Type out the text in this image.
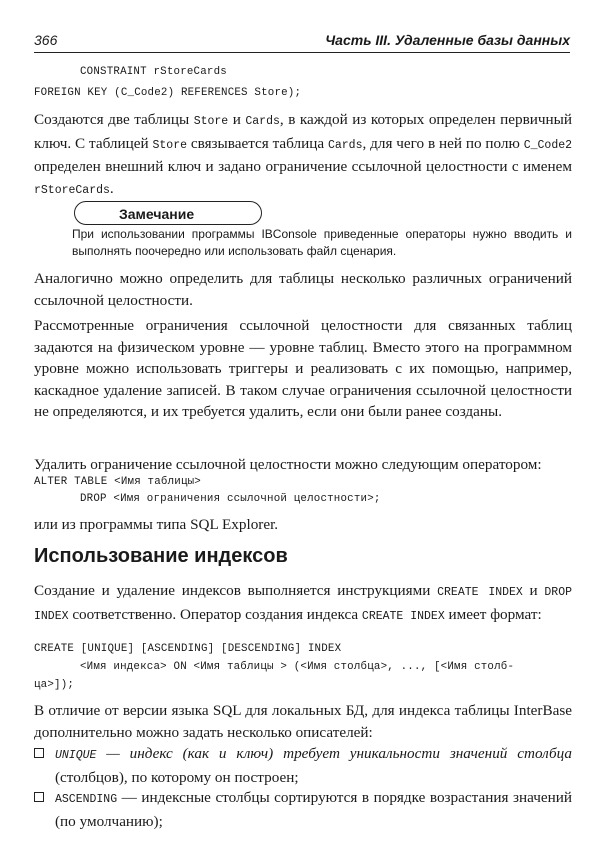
366	Часть III. Удаленные базы данных
CONSTRAINT rStoreCards
FOREIGN KEY (C_Code2) REFERENCES Store);
Создаются две таблицы Store и Cards, в каждой из которых определен первичный ключ. С таблицей Store связывается таблица Cards, для чего в ней по полю C_Code2 определен внешний ключ и задано ограничение ссылочной целостности с именем rStoreCards.
Замечание
При использовании программы IBConsole приведенные операторы нужно вводить и выполнять поочередно или использовать файл сценария.
Аналогично можно определить для таблицы несколько различных ограничений ссылочной целостности.
Рассмотренные ограничения ссылочной целостности для связанных таблиц задаются на физическом уровне — уровне таблиц. Вместо этого на программном уровне можно использовать триггеры и реализовать с их помощью, например, каскадное удаление записей. В таком случае ограничения ссылочной целостности не определяются, и их требуется удалить, если они были ранее созданы.
Удалить ограничение ссылочной целостности можно следующим оператором:
ALTER TABLE <Имя таблицы>
DROP <Имя ограничения ссылочной целостности>;
или из программы типа SQL Explorer.
Использование индексов
Создание и удаление индексов выполняется инструкциями CREATE INDEX и DROP INDEX соответственно. Оператор создания индекса CREATE INDEX имеет формат:
CREATE [UNIQUE] [ASCENDING] [DESCENDING] INDEX
<Имя индекса> ON <Имя таблицы > (<Имя столбца>, ..., [<Имя столб-
ца>]);
В отличие от версии языка SQL для локальных БД, для индекса таблицы InterBase дополнительно можно задать несколько описателей:
UNIQUE — индекс (как и ключ) требует уникальности значений столбца (столбцов), по которому он построен;
ASCENDING — индексные столбцы сортируются в порядке возрастания значений (по умолчанию);
